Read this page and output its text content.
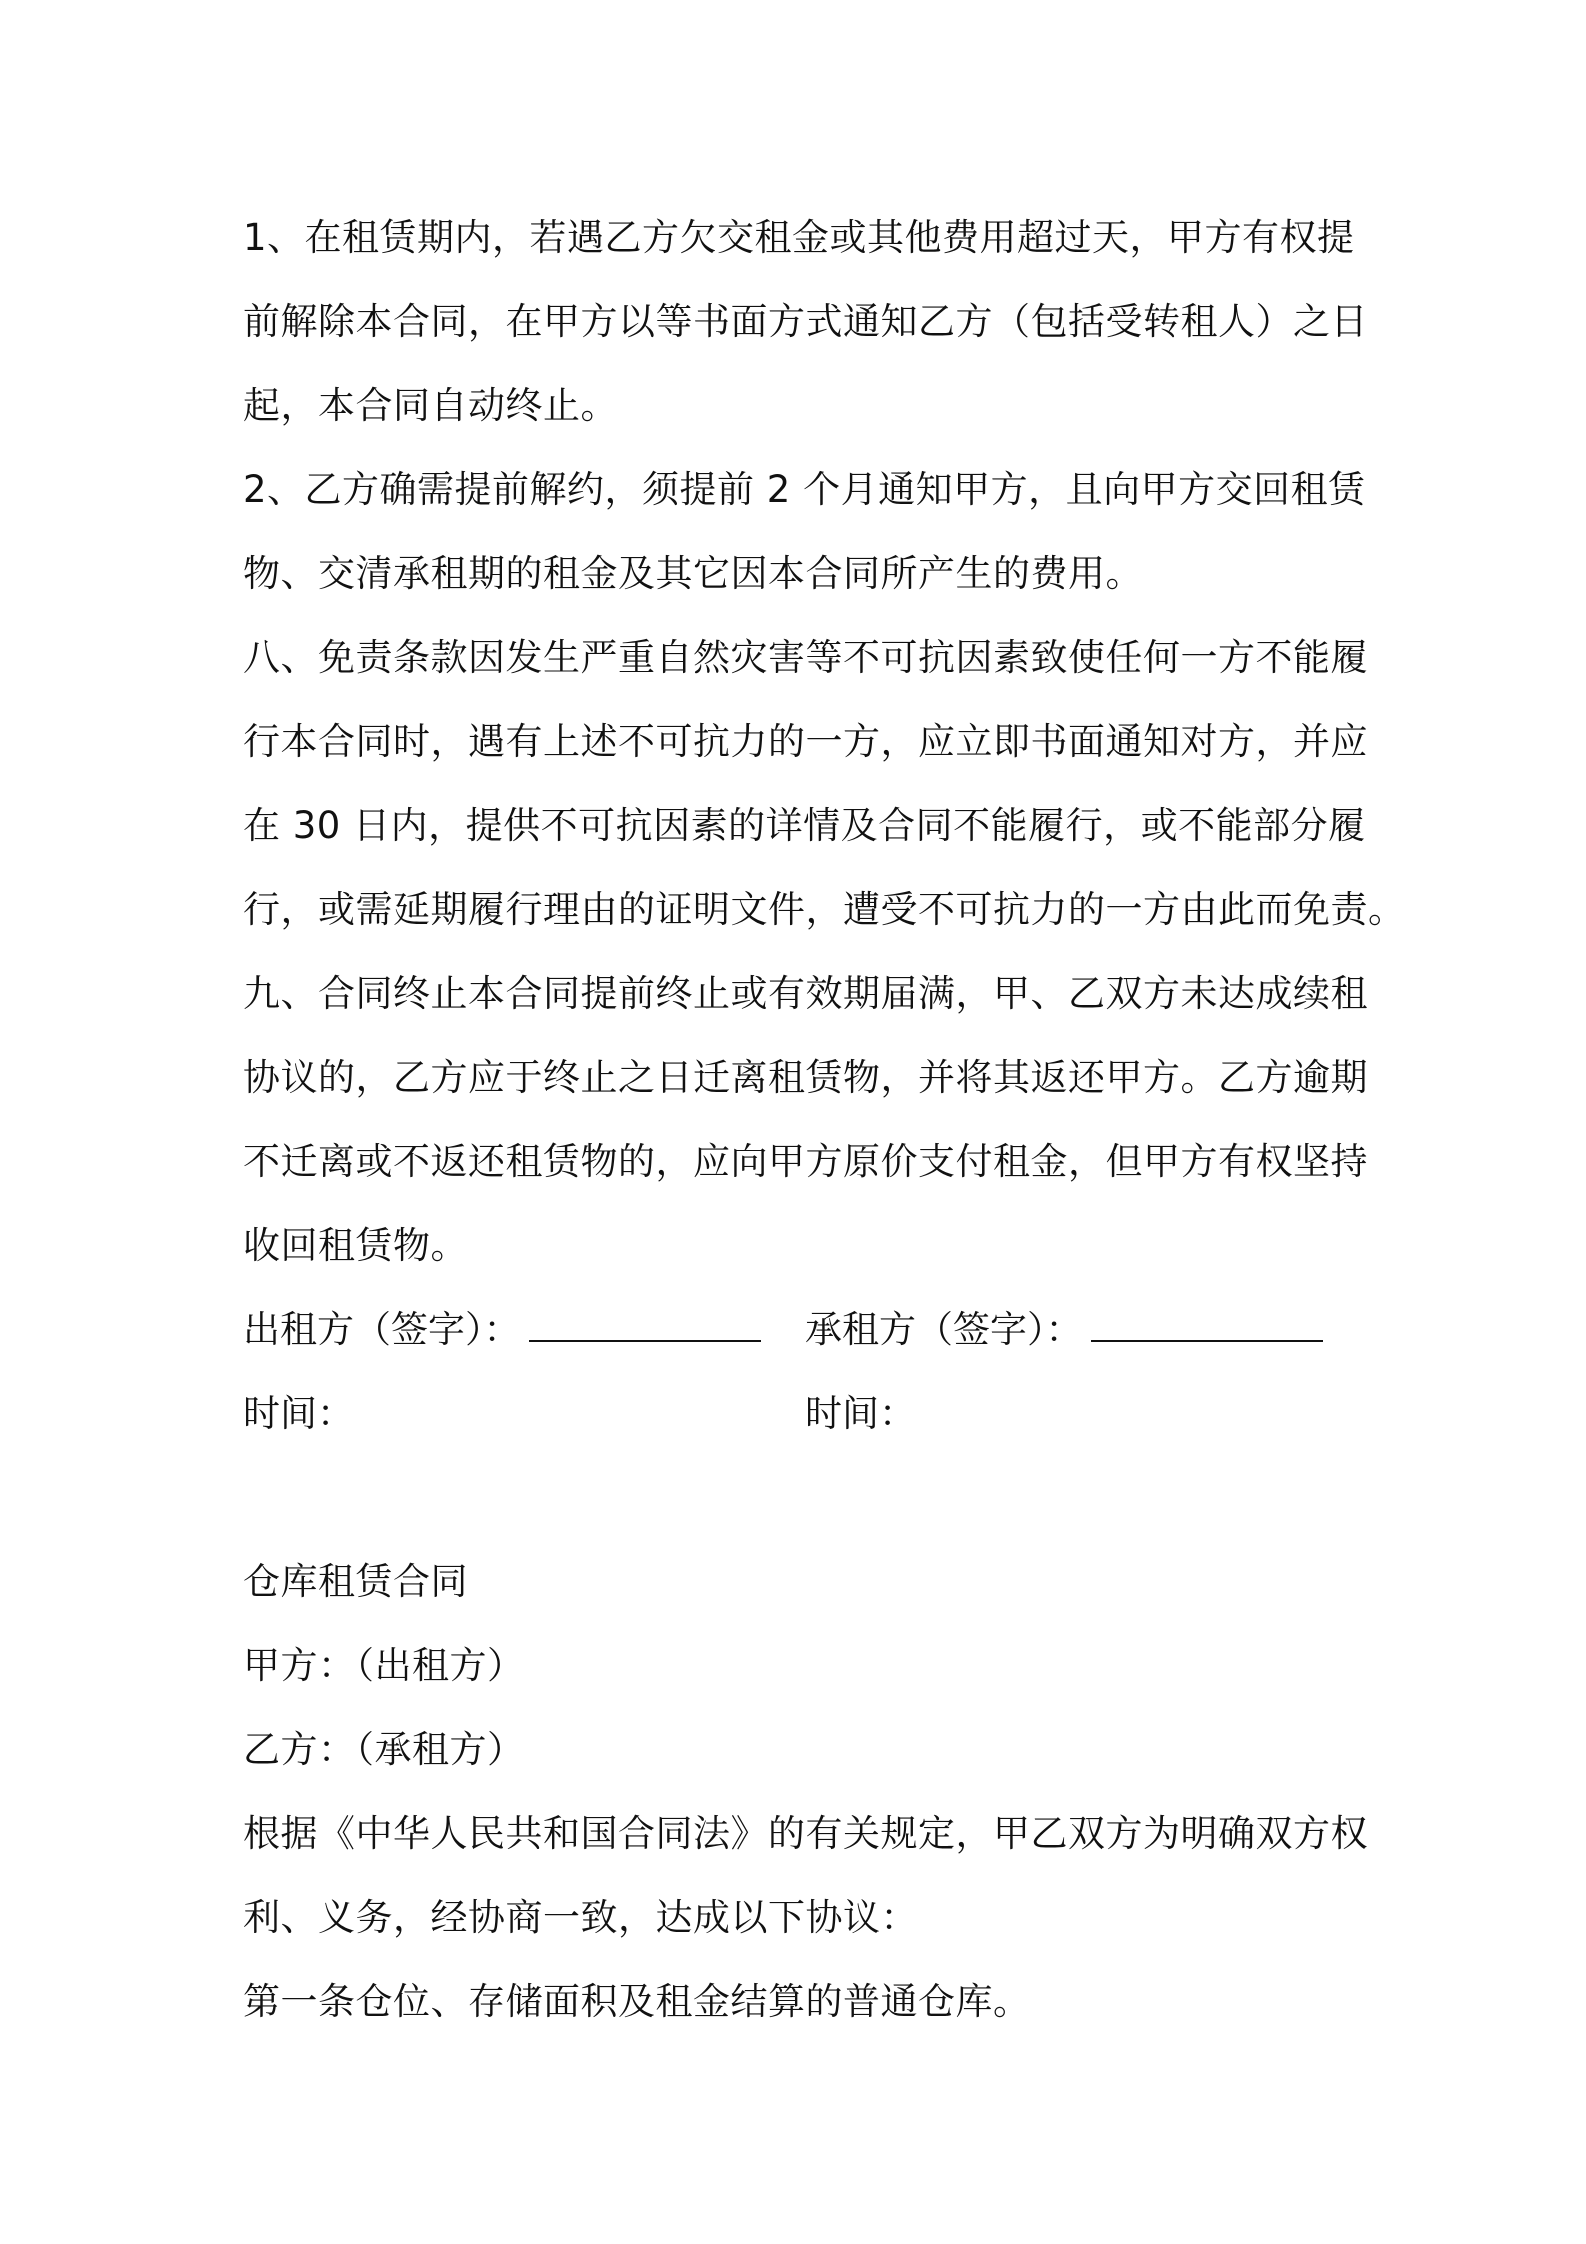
1、在租赁期内，若遇乙方欠交租金或其他费用超过天，甲方有权提
前解除本合同，在甲方以等书面方式通知乙方（包括受转租人）之日
起，本合同自动终止。
2、乙方确需提前解约，须提前 2 个月通知甲方，且向甲方交回租赁
物、交清承租期的租金及其它因本合同所产生的费用。
八、免责条款因发生严重自然灾害等不可抗因素致使任何一方不能履
行本合同时，遇有上述不可抗力的一方，应立即书面通知对方，并应
在 30 日内，提供不可抗因素的详情及合同不能履行，或不能部分履
行，或需延期履行理由的证明文件，遭受不可抗力的一方由此而免责。
九、合同终止本合同提前终止或有效期届满，甲、乙双方未达成续租
协议的，乙方应于终止之日迁离租赁物，并将其返还甲方。乙方逾期
不迁离或不返还租赁物的，应向甲方原价支付租金，但甲方有权坚持
收回租赁物。
出租方（签字）：	承租方（签字）：
时间：	时间：
仓库租赁合同
甲方：（出租方）
乙方：（承租方）
根据《中华人民共和国合同法》的有关规定，甲乙双方为明确双方权
利、义务，经协商一致，达成以下协议：
第一条仓位、存储面积及租金结算的普通仓库。
